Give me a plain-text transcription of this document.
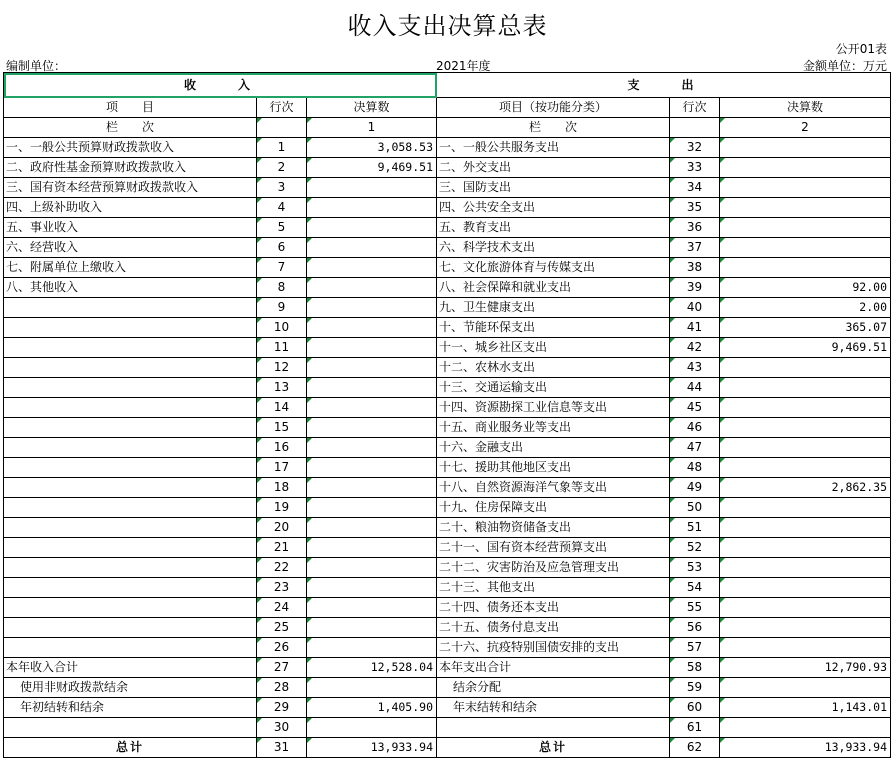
收入支出决算总表
公开01表
编制单位：	2021年度	金额单位：万元
收　　入			支　　出		
项　　目	行次	决算数	项目（按功能分类）	行次	决算数
栏　　次		1	栏　　次		2
一、一般公共预算财政拨款收入	1	3,058.53	一、一般公共服务支出	32	
二、政府性基金预算财政拨款收入	2	9,469.51	二、外交支出	33	
三、国有资本经营预算财政拨款收入	3		三、国防支出	34	
四、上级补助收入	4		四、公共安全支出	35	
五、事业收入	5		五、教育支出	36	
六、经营收入	6		六、科学技术支出	37	
七、附属单位上缴收入	7		七、文化旅游体育与传媒支出	38	
八、其他收入	8		八、社会保障和就业支出	39	92.00
	9		九、卫生健康支出	40	2.00
	10		十、节能环保支出	41	365.07
	11		十一、城乡社区支出	42	9,469.51
	12		十二、农林水支出	43	
	13		十三、交通运输支出	44	
	14		十四、资源勘探工业信息等支出	45	
	15		十五、商业服务业等支出	46	
	16		十六、金融支出	47	
	17		十七、援助其他地区支出	48	
	18		十八、自然资源海洋气象等支出	49	2,862.35
	19		十九、住房保障支出	50	
	20		二十、粮油物资储备支出	51	
	21		二十一、国有资本经营预算支出	52	
	22		二十二、灾害防治及应急管理支出	53	
	23		二十三、其他支出	54	
	24		二十四、债务还本支出	55	
	25		二十五、债务付息支出	56	
	26		二十六、抗疫特别国债安排的支出	57	
本年收入合计	27	12,528.04	本年支出合计	58	12,790.93
使用非财政拨款结余	28		结余分配	59	
年初结转和结余	29	1,405.90	年末结转和结余	60	1,143.01
	30			61	
总计	31	13,933.94	总计	62	13,933.94
